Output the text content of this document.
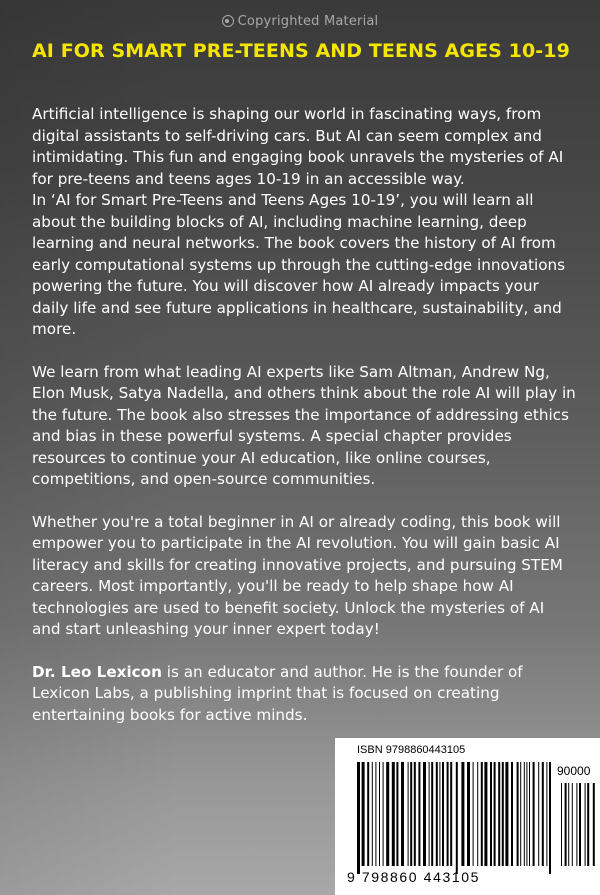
Copyrighted Material
AI FOR SMART PRE-TEENS AND TEENS AGES 10-19

Artificial intelligence is shaping our world in fascinating ways, from digital assistants to self-driving cars. But AI can seem complex and intimidating. This fun and engaging book unravels the mysteries of AI for pre-teens and teens ages 10-19 in an accessible way.

In ‘AI for Smart Pre-Teens and Teens Ages 10-19’, you will learn all about the building blocks of AI, including machine learning, deep learning and neural networks. The book covers the history of AI from early computational systems up through the cutting-edge innovations powering the future. You will discover how AI already impacts your daily life and see future applications in healthcare, sustainability, and more.

We learn from what leading AI experts like Sam Altman, Andrew Ng, Elon Musk, Satya Nadella, and others think about the role AI will play in the future. The book also stresses the importance of addressing ethics and bias in these powerful systems. A special chapter provides resources to continue your AI education, like online courses, competitions, and open-source communities.

Whether you're a total beginner in AI or already coding, this book will empower you to participate in the AI revolution. You will gain basic AI literacy and skills for creating innovative projects, and pursuing STEM careers. Most importantly, you'll be ready to help shape how AI technologies are used to benefit society. Unlock the mysteries of AI and start unleashing your inner expert today!

Dr. Leo Lexicon is an educator and author. He is the founder of Lexicon Labs, a publishing imprint that is focused on creating entertaining books for active minds.

ISBN 9798860443105
90000
9 798860 443105
